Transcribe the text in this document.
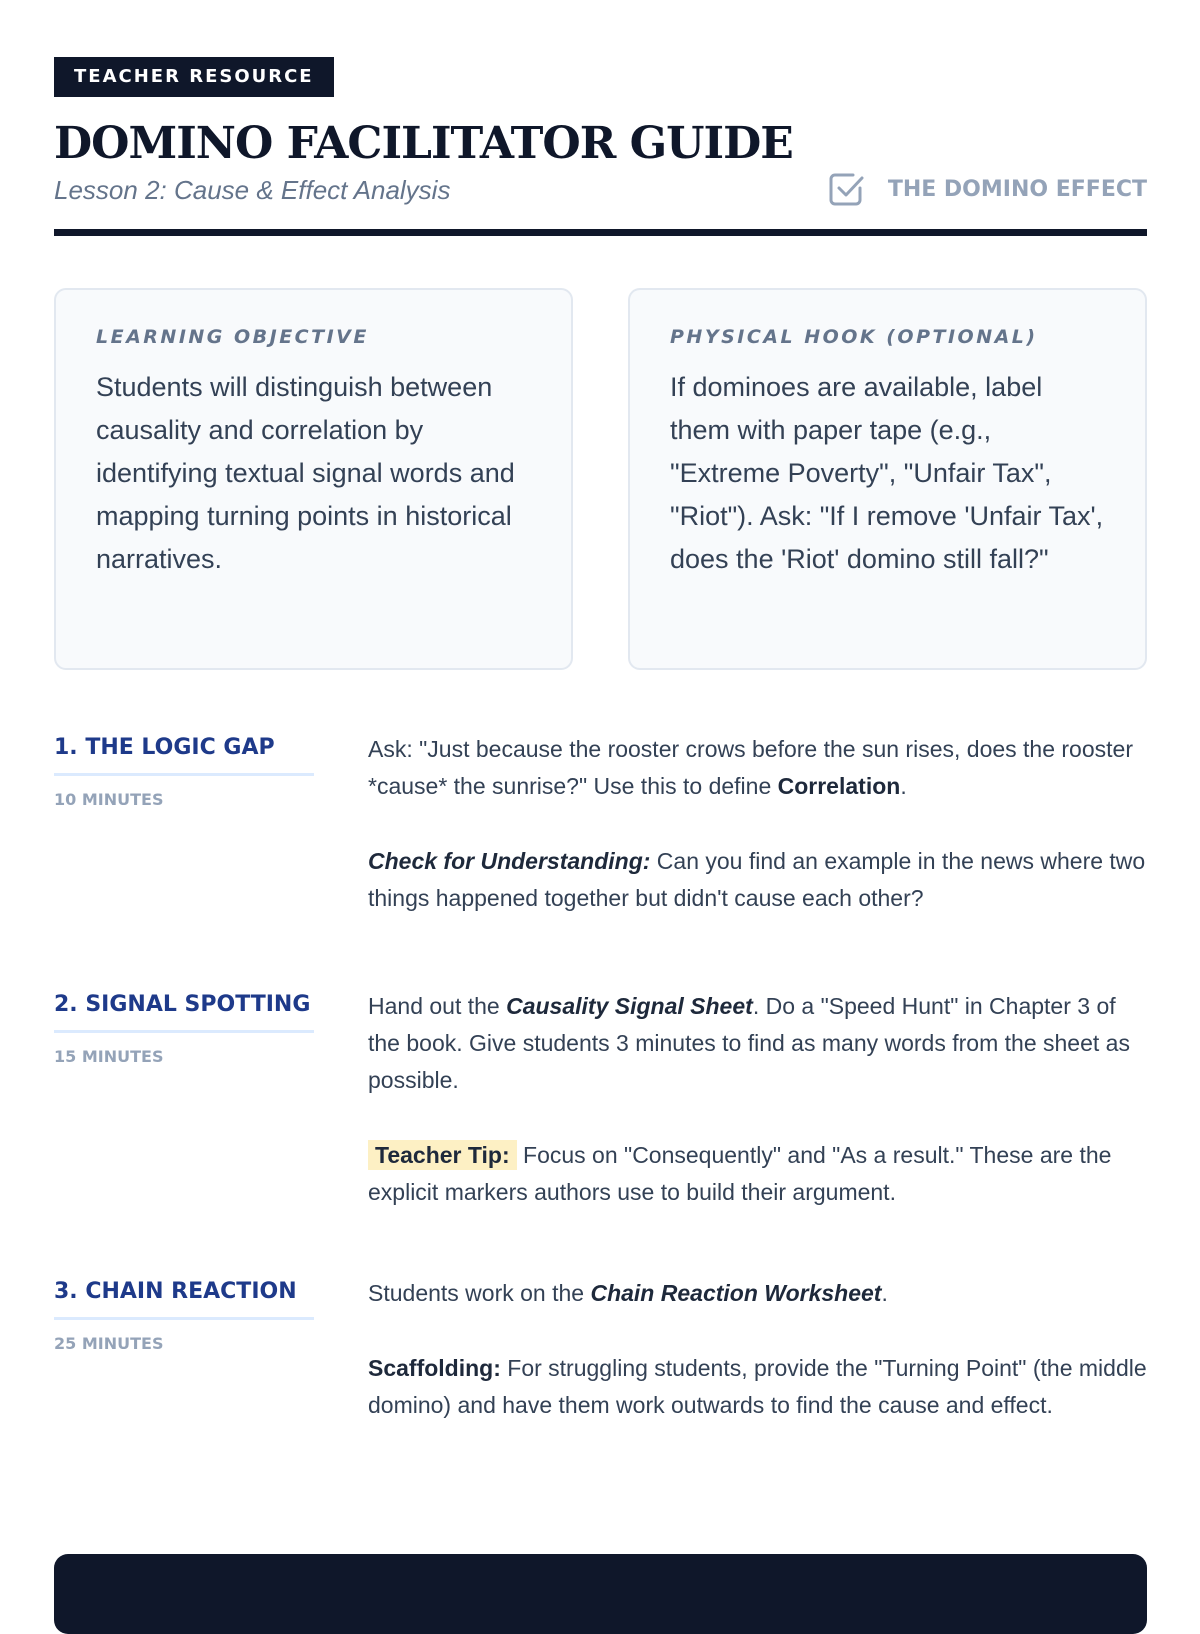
TEACHER RESOURCE
DOMINO FACILITATOR GUIDE
Lesson 2: Cause & Effect Analysis	THE DOMINO EFFECT
LEARNING OBJECTIVE
Students will distinguish between causality and correlation by identifying textual signal words and mapping turning points in historical narratives.
PHYSICAL HOOK (OPTIONAL)
If dominoes are available, label them with paper tape (e.g., "Extreme Poverty", "Unfair Tax", "Riot"). Ask: "If I remove 'Unfair Tax', does the 'Riot' domino still fall?"
1. THE LOGIC GAP
10 MINUTES

Ask: "Just because the rooster crows before the sun rises, does the rooster *cause* the sunrise?" Use this to define Correlation.

Check for Understanding: Can you find an example in the news where two things happened together but didn't cause each other?

2. SIGNAL SPOTTING
15 MINUTES

Hand out the Causality Signal Sheet. Do a "Speed Hunt" in Chapter 3 of the book. Give students 3 minutes to find as many words from the sheet as possible.

Teacher Tip: Focus on "Consequently" and "As a result." These are the explicit markers authors use to build their argument.

3. CHAIN REACTION
25 MINUTES

Students work on the Chain Reaction Worksheet.

Scaffolding: For struggling students, provide the "Turning Point" (the middle domino) and have them work outwards to find the cause and effect.
